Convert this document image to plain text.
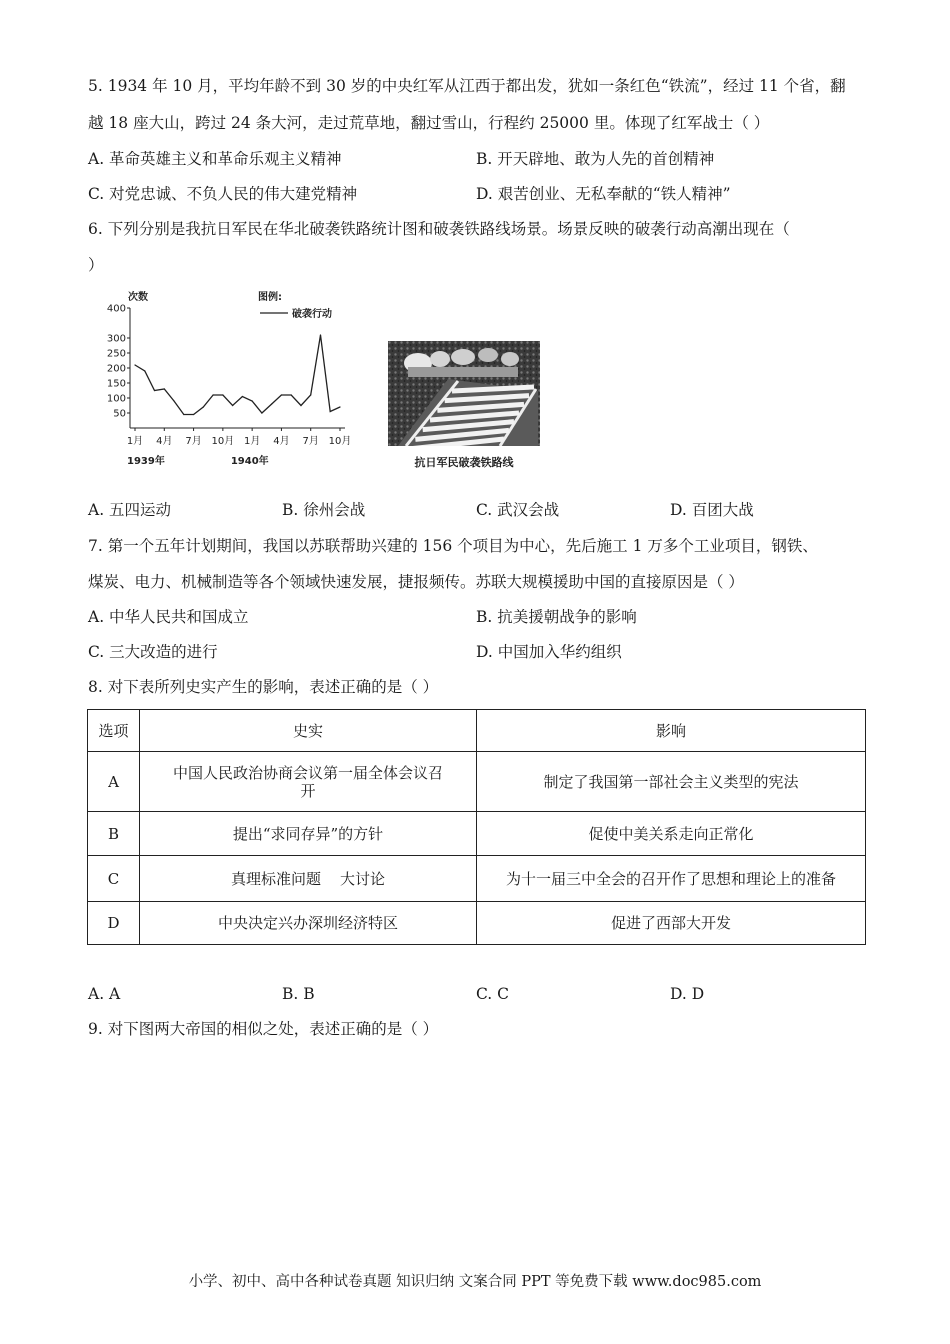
5. 1934 年 10 月，平均年龄不到 30 岁的中央红军从江西于都出发，犹如一条红色“铁流”，经过 11 个省，翻
越 18 座大山，跨过 24 条大河，走过荒草地，翻过雪山，行程约 25000 里。体现了红军战士（ ）
A. 革命英雄主义和革命乐观主义精神	B. 开天辟地、敢为人先的首创精神
C. 对党忠诚、不负人民的伟大建党精神	D. 艰苦创业、无私奉献的“铁人精神”
6. 下列分别是我抗日军民在华北破袭铁路统计图和破袭铁路线场景。场景反映的破袭行动高潮出现在（
）
次数
50
100
150
200
250
300
400
1月 4月 7月 10月 1月 4月 7月 10月
1939年	1940年
图例:
破袭行动
抗日军民破袭铁路线
A. 五四运动	B. 徐州会战	C. 武汉会战	D. 百团大战
7. 第一个五年计划期间，我国以苏联帮助兴建的 156 个项目为中心，先后施工 1 万多个工业项目，钢铁、
煤炭、电力、机械制造等各个领域快速发展，捷报频传。苏联大规模援助中国的直接原因是（ ）
A. 中华人民共和国成立	B. 抗美援朝战争的影响
C. 三大改造的进行	D. 中国加入华约组织
8. 对下表所列史实产生的影响，表述正确的是（ ）
选项	史实	影响
A	中国人民政治协商会议第一届全体会议召开	制定了我国第一部社会主义类型的宪法
B	提出“求同存异”的方针	促使中美关系走向正常化
C	真理标准问题    大讨论	为十一届三中全会的召开作了思想和理论上的准备
D	中央决定兴办深圳经济特区	促进了西部大开发
A. A	B. B	C. C	D. D
9. 对下图两大帝国的相似之处，表述正确的是（ ）
小学、初中、高中各种试卷真题 知识归纳 文案合同 PPT 等免费下载 www.doc985.com
